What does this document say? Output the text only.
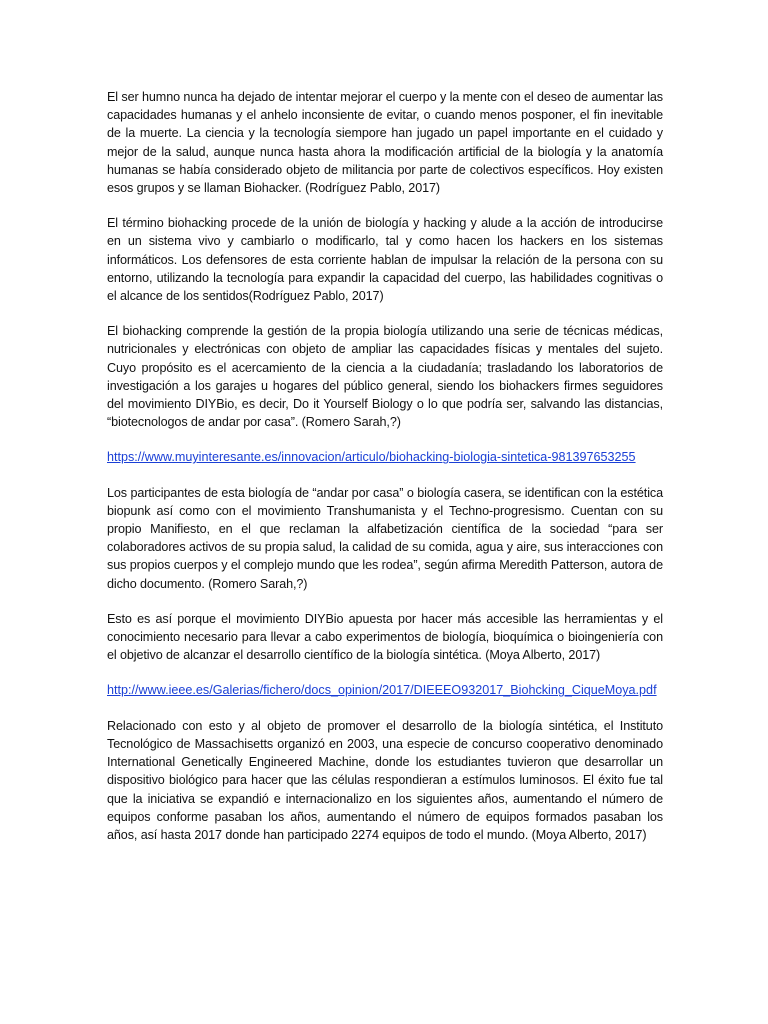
El ser humno nunca ha dejado de intentar mejorar el cuerpo y la mente con el deseo de aumentar las capacidades humanas y el anhelo inconsiente de evitar, o cuando menos posponer, el fin inevitable de la muerte. La ciencia y la tecnología siempore han jugado un papel importante en el cuidado y mejor de la salud, aunque nunca hasta ahora la modificación artificial de la biología y la anatomía humanas se había considerado objeto de militancia por parte de colectivos específicos. Hoy existen esos grupos y se llaman Biohacker. (Rodríguez Pablo, 2017)

El término biohacking procede de la unión de biología y hacking y alude a la acción de introducirse en un sistema vivo y cambiarlo o modificarlo, tal y como hacen los hackers en los sistemas informáticos. Los defensores de esta corriente hablan de impulsar la relación de la persona con su entorno, utilizando la tecnología para expandir la capacidad del cuerpo, las habilidades cognitivas o el alcance de los sentidos(Rodríguez Pablo, 2017)

El biohacking comprende la gestión de la propia biología utilizando una serie de técnicas médicas, nutricionales y electrónicas con objeto de ampliar las capacidades físicas y mentales del sujeto. Cuyo propósito es el acercamiento de la ciencia a la ciudadanía; trasladando los laboratorios de investigación a los garajes u hogares del público general, siendo los biohackers firmes seguidores del movimiento DIYBio, es decir, Do it Yourself Biology o lo que podría ser, salvando las distancias, “biotecnologos de andar por casa”. (Romero Sarah,?)

https://www.muyinteresante.es/innovacion/articulo/biohacking-biologia-sintetica-981397653255

Los participantes de esta biología de “andar por casa” o biología casera, se identifican con la estética biopunk así como con el movimiento Transhumanista y el Techno-progresismo. Cuentan con su propio Manifiesto, en el que reclaman la alfabetización científica de la sociedad “para ser colaboradores activos de su propia salud, la calidad de su comida, agua y aire, sus interacciones con sus propios cuerpos y el complejo mundo que les rodea”, según afirma Meredith Patterson, autora de dicho documento. (Romero Sarah,?)

Esto es así porque el movimiento DIYBio apuesta por hacer más accesible las herramientas y el conocimiento necesario para llevar a cabo experimentos de biología, bioquímica o bioingeniería con el objetivo de alcanzar el desarrollo científico de la biología sintética. (Moya Alberto, 2017)

http://www.ieee.es/Galerias/fichero/docs_opinion/2017/DIEEEO932017_Biohcking_CiqueMoya.pdf

Relacionado con esto y al objeto de promover el desarrollo de la biología sintética, el Instituto Tecnológico de Massachisetts organizó en 2003, una especie de concurso cooperativo denominado International Genetically Engineered Machine, donde los estudiantes tuvieron que desarrollar un dispositivo biológico para hacer que las células respondieran a estímulos luminosos. El éxito fue tal que la iniciativa se expandió e internacionalizo en los siguientes años, aumentando el número de equipos conforme pasaban los años, aumentando el número de equipos formados pasaban los años, así hasta 2017 donde han participado 2274 equipos de todo el mundo. (Moya Alberto, 2017)
